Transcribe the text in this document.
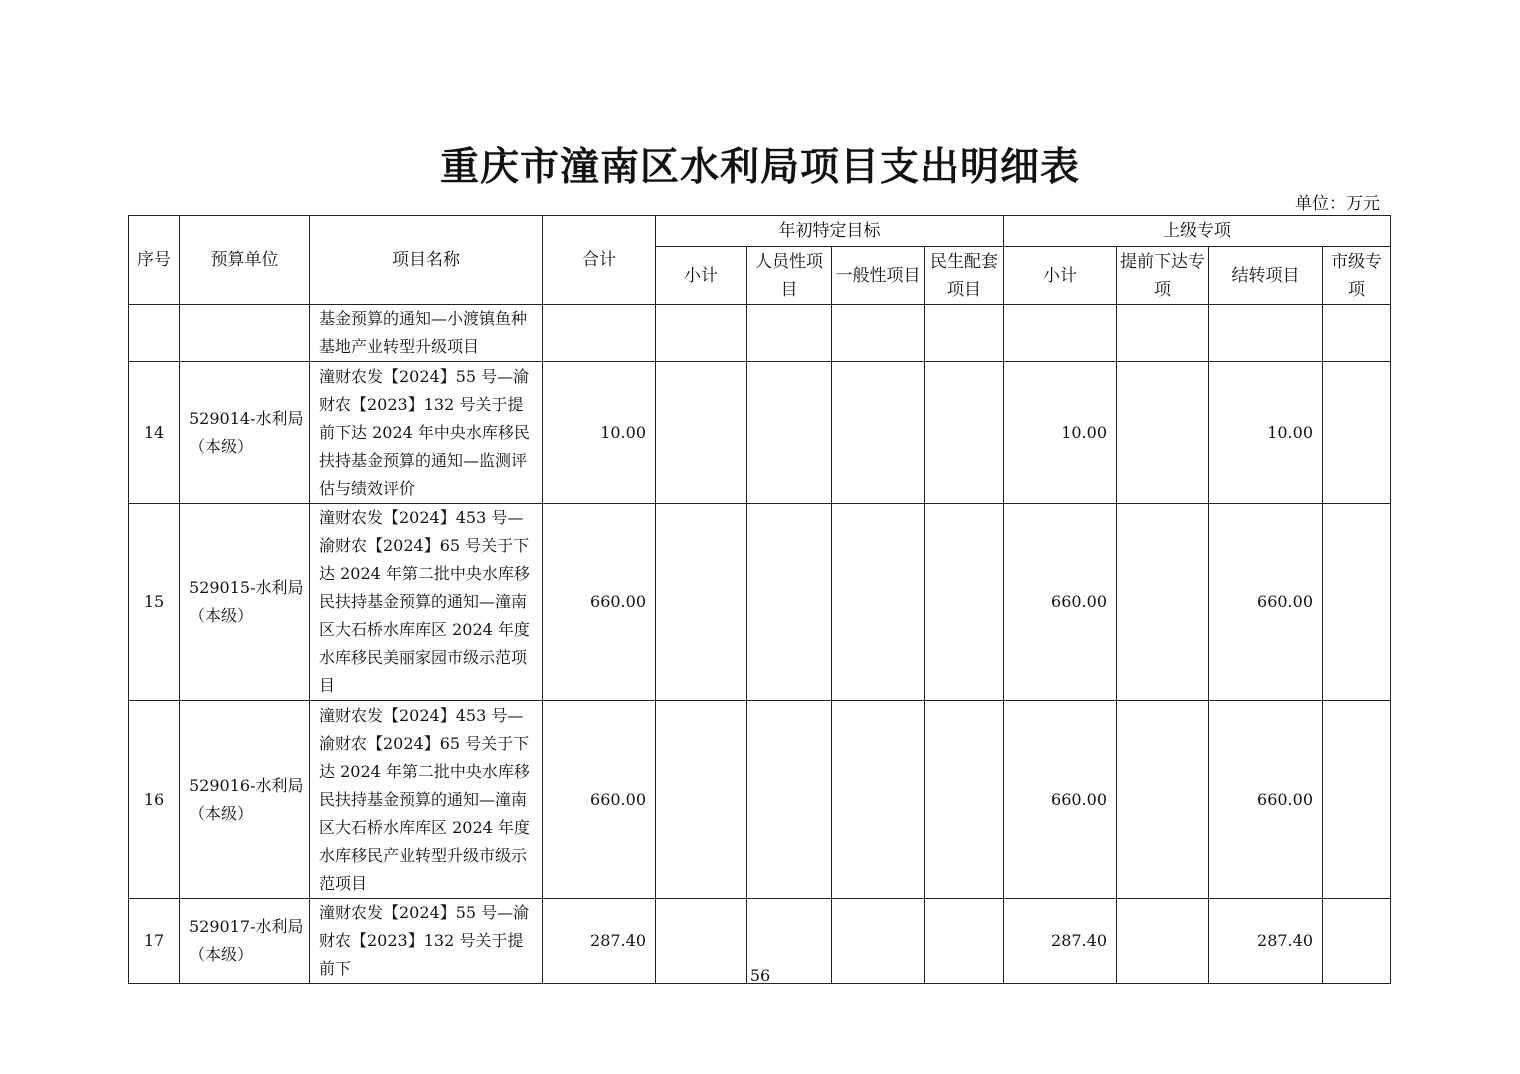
重庆市潼南区水利局项目支出明细表
单位：万元
序号	预算单位	项目名称	合计	年初特定目标				上级专项			
				小计	人员性项目	一般性项目	民生配套项目	小计	提前下达专项	结转项目	市级专项
		基金预算的通知—小渡镇鱼种基地产业转型升级项目									
14	529014-水利局（本级）	潼财农发【2024】55 号—渝财农【2023】132 号关于提前下达 2024 年中央水库移民扶持基金预算的通知—监测评估与绩效评价	10.00					10.00		10.00	
15	529015-水利局（本级）	潼财农发【2024】453 号—渝财农【2024】65 号关于下达 2024 年第二批中央水库移民扶持基金预算的通知—潼南区大石桥水库库区 2024 年度水库移民美丽家园市级示范项目	660.00					660.00		660.00	
16	529016-水利局（本级）	潼财农发【2024】453 号—渝财农【2024】65 号关于下达 2024 年第二批中央水库移民扶持基金预算的通知—潼南区大石桥水库库区 2024 年度水库移民产业转型升级市级示范项目	660.00					660.00		660.00	
17	529017-水利局（本级）	潼财农发【2024】55 号—渝财农【2023】132 号关于提前下	287.40					287.40		287.40	
56
